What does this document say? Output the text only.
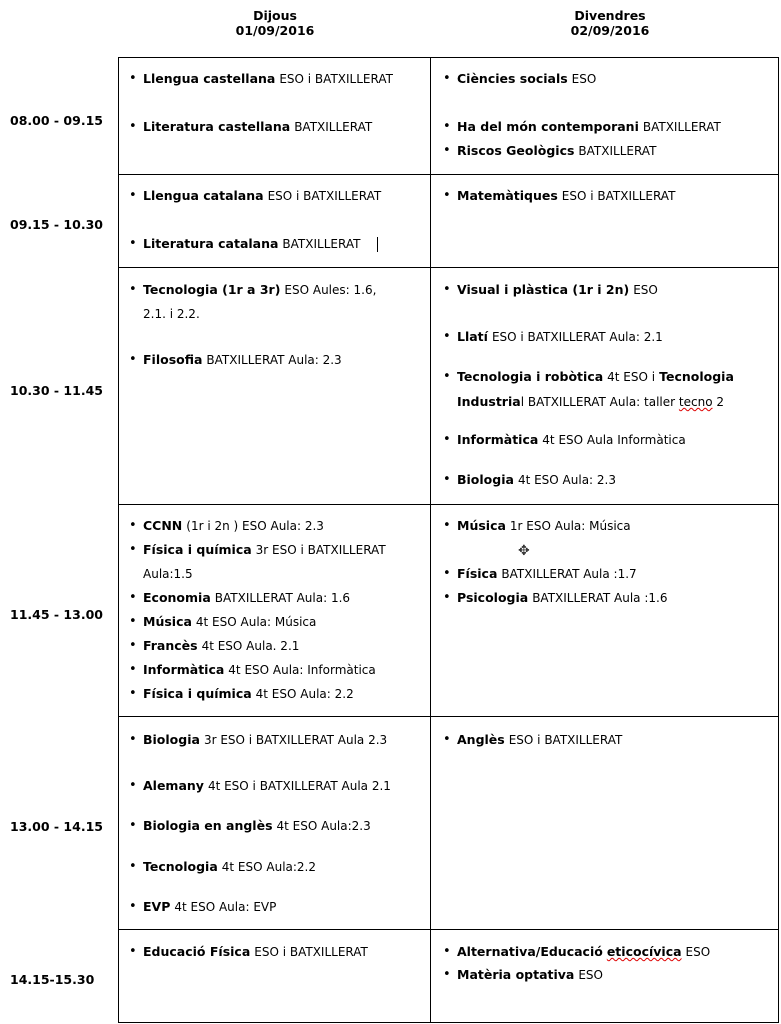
Dijous
01/09/2016
Divendres
02/09/2016
08.00 - 09.15
09.15 - 10.30
10.30 - 11.45
11.45 - 13.00
13.00 - 14.15
14.15-15.30
• Llengua castellana ESO i BATXILLERAT
• Literatura castellana BATXILLERAT
• Ciències socials ESO
• Ha del món contemporani BATXILLERAT
• Riscos Geològics BATXILLERAT
• Llengua catalana ESO i BATXILLERAT
• Literatura catalana BATXILLERAT
• Matemàtiques ESO i BATXILLERAT
• Tecnologia (1r a 3r) ESO Aules: 1.6,
2.1. i 2.2.
• Filosofia BATXILLERAT Aula: 2.3
• Visual i plàstica (1r i 2n) ESO
• Llatí ESO i BATXILLERAT Aula: 2.1
• Tecnologia i robòtica 4t ESO i Tecnologia
Industrial BATXILLERAT Aula: taller tecno 2
• Informàtica 4t ESO Aula Informàtica
• Biologia 4t ESO Aula: 2.3
• CCNN (1r i 2n ) ESO Aula: 2.3
• Física i química 3r ESO i BATXILLERAT
Aula:1.5
• Economia BATXILLERAT Aula: 1.6
• Música 4t ESO Aula: Música
• Francès 4t ESO Aula. 2.1
• Informàtica 4t ESO Aula: Informàtica
• Física i química 4t ESO Aula: 2.2
• Música 1r ESO Aula: Música
✥
• Física BATXILLERAT Aula :1.7
• Psicologia BATXILLERAT Aula :1.6
• Biologia 3r ESO i BATXILLERAT Aula 2.3
• Alemany 4t ESO i BATXILLERAT Aula 2.1
• Biologia en anglès 4t ESO Aula:2.3
• Tecnologia 4t ESO Aula:2.2
• EVP 4t ESO Aula: EVP
• Anglès ESO i BATXILLERAT
• Educació Física ESO i BATXILLERAT
•	Alternativa/Educació eticocívica ESO
• Matèria optativa ESO
